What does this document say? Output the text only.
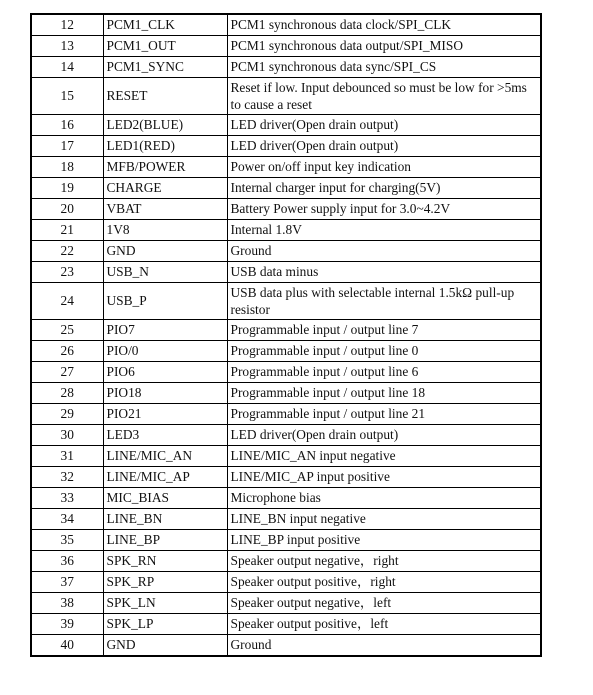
12	PCM1_CLK	PCM1 synchronous data clock/SPI_CLK
13	PCM1_OUT	PCM1 synchronous data output/SPI_MISO
14	PCM1_SYNC	PCM1 synchronous data sync/SPI_CS
15	RESET	Reset if low. Input debounced so must be low for >5ms to cause a reset
16	LED2(BLUE)	LED driver(Open drain output)
17	LED1(RED)	LED driver(Open drain output)
18	MFB/POWER	Power on/off input key indication
19	CHARGE	Internal charger input for charging(5V)
20	VBAT	Battery Power supply input for 3.0~4.2V
21	1V8	Internal 1.8V
22	GND	Ground
23	USB_N	USB data minus
24	USB_P	USB data plus with selectable internal 1.5kΩ pull-up resistor
25	PIO7	Programmable input / output line 7
26	PIO/0	Programmable input / output line 0
27	PIO6	Programmable input / output line 6
28	PIO18	Programmable input / output line 18
29	PIO21	Programmable input / output line 21
30	LED3	LED driver(Open drain output)
31	LINE/MIC_AN	LINE/MIC_AN input negative
32	LINE/MIC_AP	LINE/MIC_AP input positive
33	MIC_BIAS	Microphone bias
34	LINE_BN	LINE_BN input negative
35	LINE_BP	LINE_BP input positive
36	SPK_RN	Speaker output negative，right
37	SPK_RP	Speaker output positive，right
38	SPK_LN	Speaker output negative，left
39	SPK_LP	Speaker output positive，left
40	GND	Ground
